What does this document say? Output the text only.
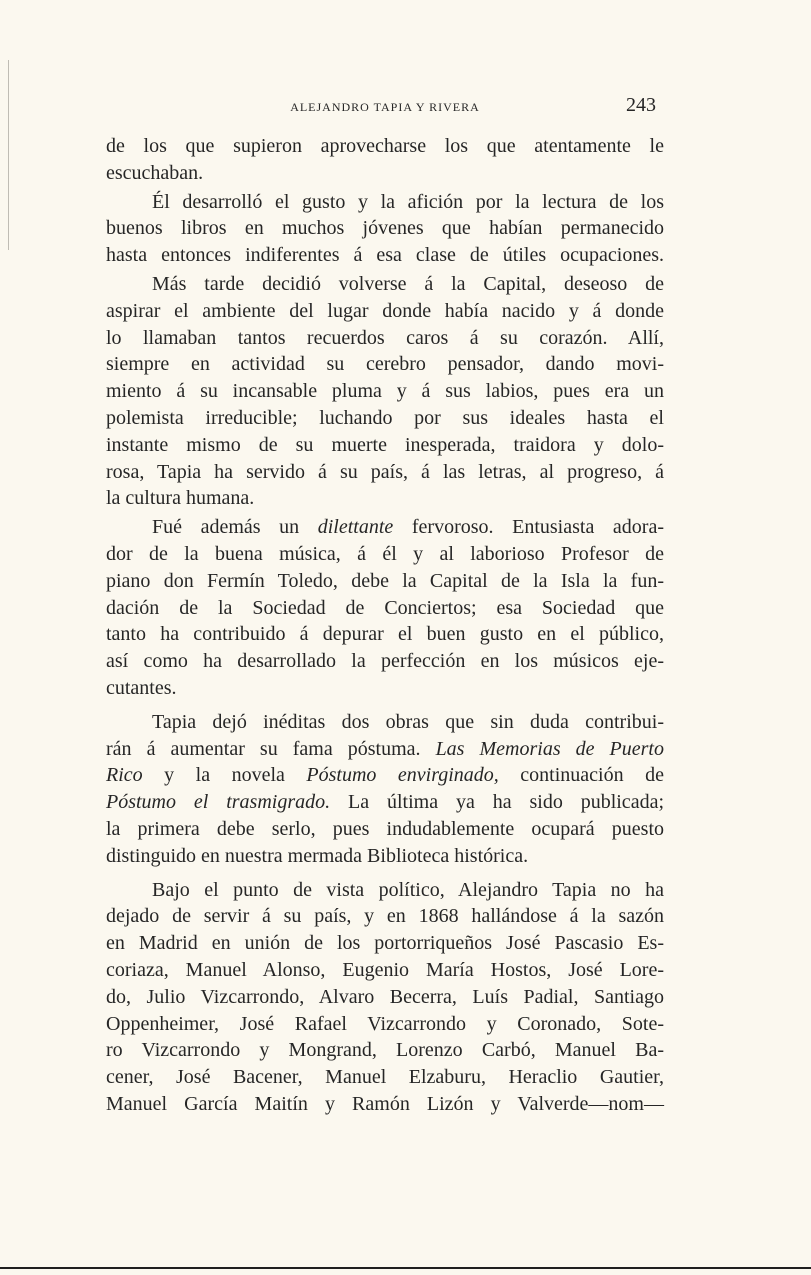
ALEJANDRO TAPIA Y RIVERA	243
de los que supieron aprovecharse los que atentamente le
escuchaban.
Él desarrolló el gusto y la afición por la lectura de los
buenos libros en muchos jóvenes que habían permanecido
hasta entonces indiferentes á esa clase de útiles ocupaciones.
Más tarde decidió volverse á la Capital, deseoso de
aspirar el ambiente del lugar donde había nacido y á donde
lo llamaban tantos recuerdos caros á su corazón. Allí,
siempre en actividad su cerebro pensador, dando movi-
miento á su incansable pluma y á sus labios, pues era un
polemista irreducible; luchando por sus ideales hasta el
instante mismo de su muerte inesperada, traidora y dolo-
rosa, Tapia ha servido á su país, á las letras, al progreso, á
la cultura humana.
Fué además un dilettante fervoroso. Entusiasta adora-
dor de la buena música, á él y al laborioso Profesor de
piano don Fermín Toledo, debe la Capital de la Isla la fun-
dación de la Sociedad de Conciertos; esa Sociedad que
tanto ha contribuido á depurar el buen gusto en el público,
así como ha desarrollado la perfección en los músicos eje-
cutantes.
Tapia dejó inéditas dos obras que sin duda contribui-
rán á aumentar su fama póstuma. Las Memorias de Puerto
Rico y la novela Póstumo envirginado, continuación de
Póstumo el trasmigrado. La última ya ha sido publicada;
la primera debe serlo, pues indudablemente ocupará puesto
distinguido en nuestra mermada Biblioteca histórica.
Bajo el punto de vista político, Alejandro Tapia no ha
dejado de servir á su país, y en 1868 hallándose á la sazón
en Madrid en unión de los portorriqueños José Pascasio Es-
coriaza, Manuel Alonso, Eugenio María Hostos, José Lore-
do, Julio Vizcarrondo, Alvaro Becerra, Luís Padial, Santiago
Oppenheimer, José Rafael Vizcarrondo y Coronado, Sote-
ro Vizcarrondo y Mongrand, Lorenzo Carbó, Manuel Ba-
cener, José Bacener, Manuel Elzaburu, Heraclio Gautier,
Manuel García Maitín y Ramón Lizón y Valverde—nom—
